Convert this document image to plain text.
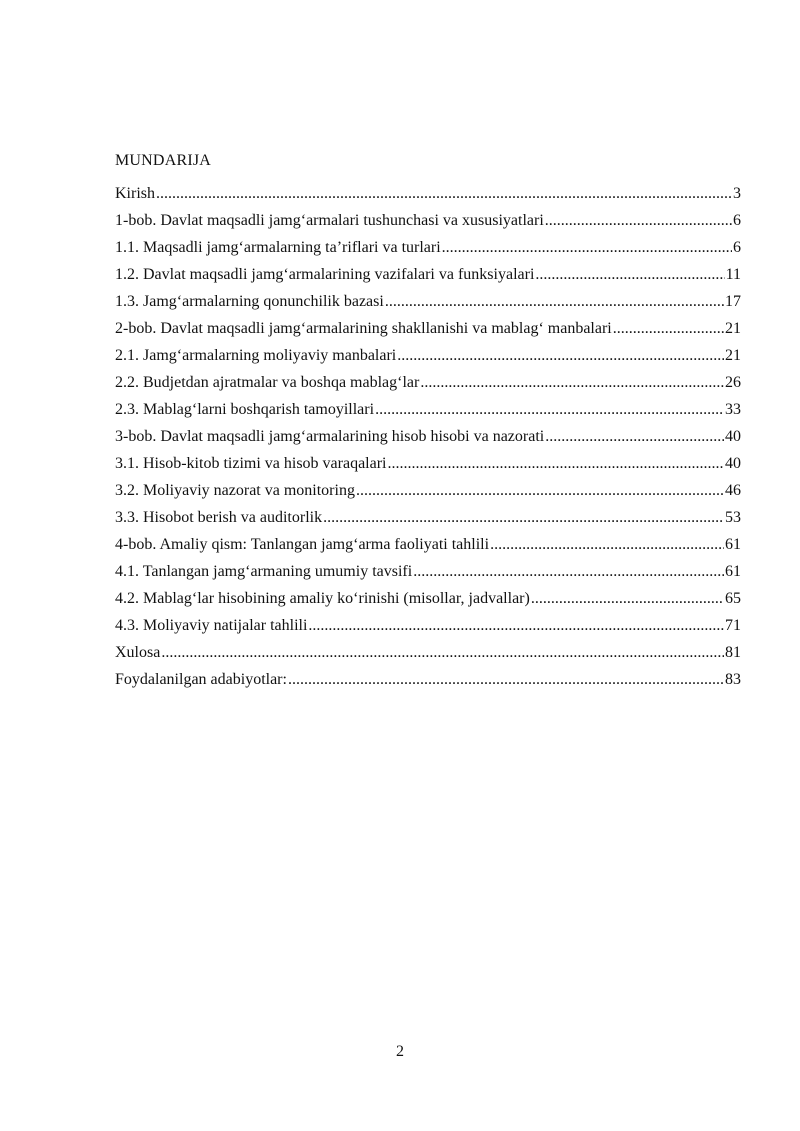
MUNDARIJA
Kirish .....	3
1-bob. Davlat maqsadli jamg‘armalari tushunchasi va xususiyatlari .....	6
1.1. Maqsadli jamg‘armalarning ta’riflari va turlari .....	6
1.2. Davlat maqsadli jamg‘armalarining vazifalari va funksiyalari .....	11
1.3. Jamg‘armalarning qonunchilik bazasi .....	17
2-bob. Davlat maqsadli jamg‘armalarining shakllanishi va mablag‘ manbalari .....	21
2.1. Jamg‘armalarning moliyaviy manbalari .....	21
2.2. Budjetdan ajratmalar va boshqa mablag‘lar .....	26
2.3. Mablag‘larni boshqarish tamoyillari .....	33
3-bob. Davlat maqsadli jamg‘armalarining hisob hisobi va nazorati .....	40
3.1. Hisob-kitob tizimi va hisob varaqalari .....	40
3.2. Moliyaviy nazorat va monitoring .....	46
3.3. Hisobot berish va auditorlik .....	53
4-bob. Amaliy qism: Tanlangan jamg‘arma faoliyati tahlili .....	61
4.1. Tanlangan jamg‘armaning umumiy tavsifi .....	61
4.2. Mablag‘lar hisobining amaliy ko‘rinishi (misollar, jadvallar) .....	65
4.3. Moliyaviy natijalar tahlili .....	71
Xulosa .....	81
Foydalanilgan adabiyotlar: .....	83
2
